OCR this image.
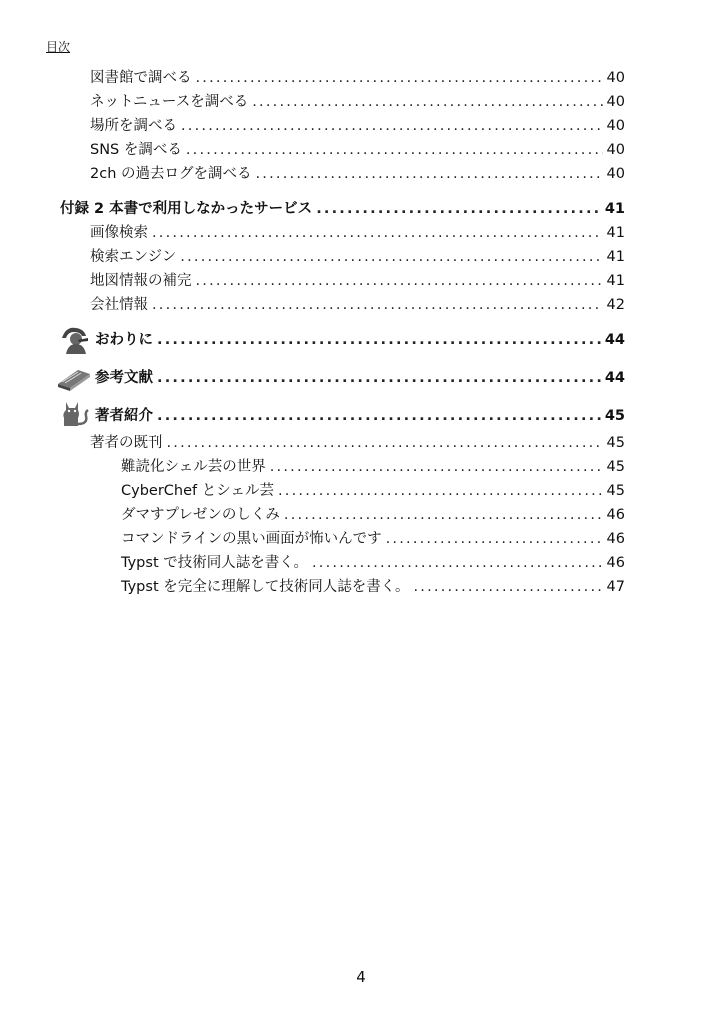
目次
図書館で調べる .....	40
ネットニュースを調べる .....	40
場所を調べる .....	40
SNS を調べる .....	40
2ch の過去ログを調べる .....	40
付録 2 本書で利用しなかったサービス .....	41
画像検索 .....	41
検索エンジン .....	41
地図情報の補完 .....	41
会社情報 .....	42
おわりに .....	44
参考文献 .....	44
著者紹介 .....	45
著者の既刊 .....	45
難読化シェル芸の世界 .....	45
CyberChef とシェル芸 .....	45
ダマすプレゼンのしくみ .....	46
コマンドラインの黒い画面が怖いんです .....	46
Typst で技術同人誌を書く。 .....	46
Typst を完全に理解して技術同人誌を書く。 .....	47
4
